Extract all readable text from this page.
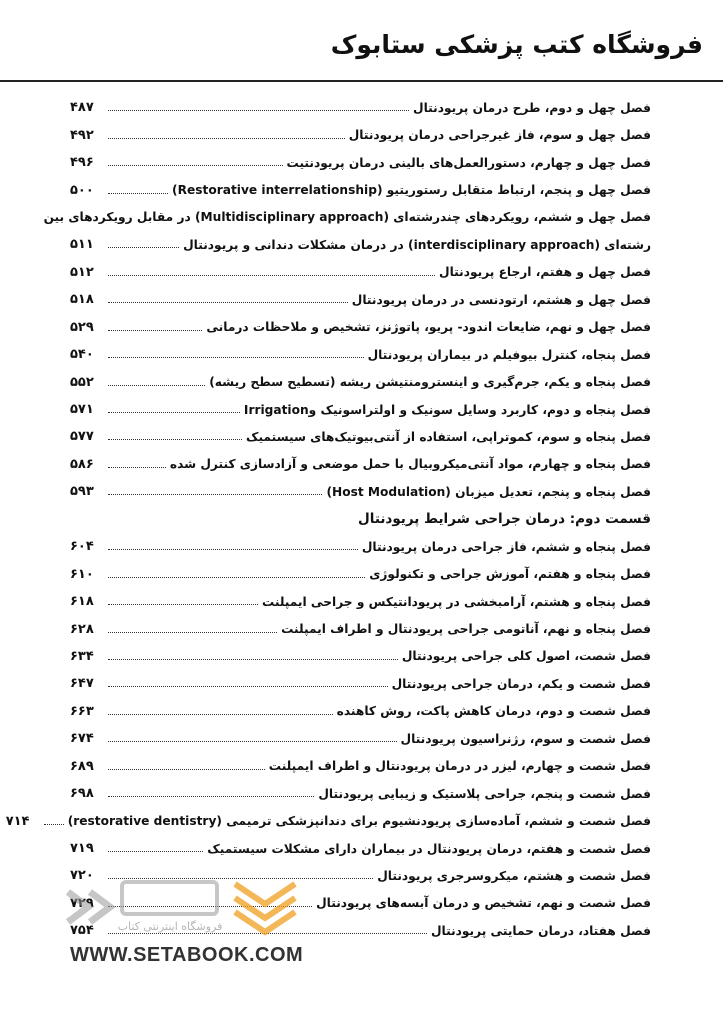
فروشگاه کتب پزشکی ستابوک
فصل چهل و دوم، طرح درمان پریودنتال
۴۸۷
فصل چهل و سوم، فاز غیرجراحی درمان پریودنتال
۴۹۲
فصل چهل و چهارم، دستورالعمل‌های بالینی درمان پریودنتیت
۴۹۶
فصل چهل و پنجم، ارتباط متقابل رستوریتیو (Restorative interrelationship)
۵۰۰
فصل چهل و ششم، رویکردهای چندرشته‌ای (Multidisciplinary approach) در مقابل رویکردهای بین
رشته‌ای (interdisciplinary approach) در درمان مشکلات دندانی و پریودنتال
۵۱۱
فصل چهل و هفتم، ارجاع پریودنتال
۵۱۲
فصل چهل و هشتم، ارتودنسی در درمان پریودنتال
۵۱۸
فصل چهل و نهم، ضایعات اندود- پریو، پاتوژنز، تشخیص و ملاحظات درمانی
۵۲۹
فصل پنجاه، کنترل بیوفیلم در بیماران پریودنتال
۵۴۰
فصل پنجاه و یکم، جرم‌گیری و اینسترومنتیشن ریشه (تسطیح سطح ریشه)
۵۵۲
فصل پنجاه و دوم، کاربرد وسایل سونیک و اولتراسونیک وIrrigation
۵۷۱
فصل پنجاه و سوم، کموتراپی، استفاده از آنتی‌بیوتیک‌های سیستمیک
۵۷۷
فصل پنجاه و چهارم، مواد آنتی‌میکروبیال با حمل موضعی و آزادسازی کنترل شده
۵۸۶
فصل پنجاه و پنجم، تعدیل میزبان (Host Modulation)
۵۹۳
قسمت دوم: درمان جراحی شرایط پریودنتال
فصل پنجاه و ششم، فاز جراحی درمان پریودنتال
۶۰۴
فصل پنجاه و هفتم، آموزش جراحی و تکنولوژی
۶۱۰
فصل پنجاه و هشتم، آرامبخشی در پریودانتیکس و جراحی ایمپلنت
۶۱۸
فصل پنجاه و نهم، آناتومی جراحی پریودنتال و اطراف ایمپلنت
۶۲۸
فصل شصت، اصول کلی جراحی پریودنتال
۶۳۴
فصل شصت و یکم، درمان جراحی پریودنتال
۶۴۷
فصل شصت و دوم، درمان کاهش پاکت، روش کاهنده
۶۶۳
فصل شصت و سوم، رژنراسیون پریودنتال
۶۷۴
فصل شصت و چهارم، لیزر در درمان پریودنتال و اطراف ایمپلنت
۶۸۹
فصل شصت و پنجم، جراحی پلاستیک و زیبایی پریودنتال
۶۹۸
فصل شصت و ششم، آماده‌سازی پریودنشیوم برای دندانپزشکی ترمیمی (restorative dentistry)
۷۱۴
فصل شصت و هفتم، درمان پریودنتال در بیماران دارای مشکلات سیستمیک
۷۱۹
فصل شصت و هشتم، میکروسرجری پریودنتال
۷۲۰
فصل شصت و نهم، تشخیص و درمان آبسه‌های پریودنتال
۷۲۹
فصل هفتاد، درمان حمایتی پریودنتال
۷۵۴	فروشگاه اینترنتی کتاب
WWW.SETABOOK.COM
